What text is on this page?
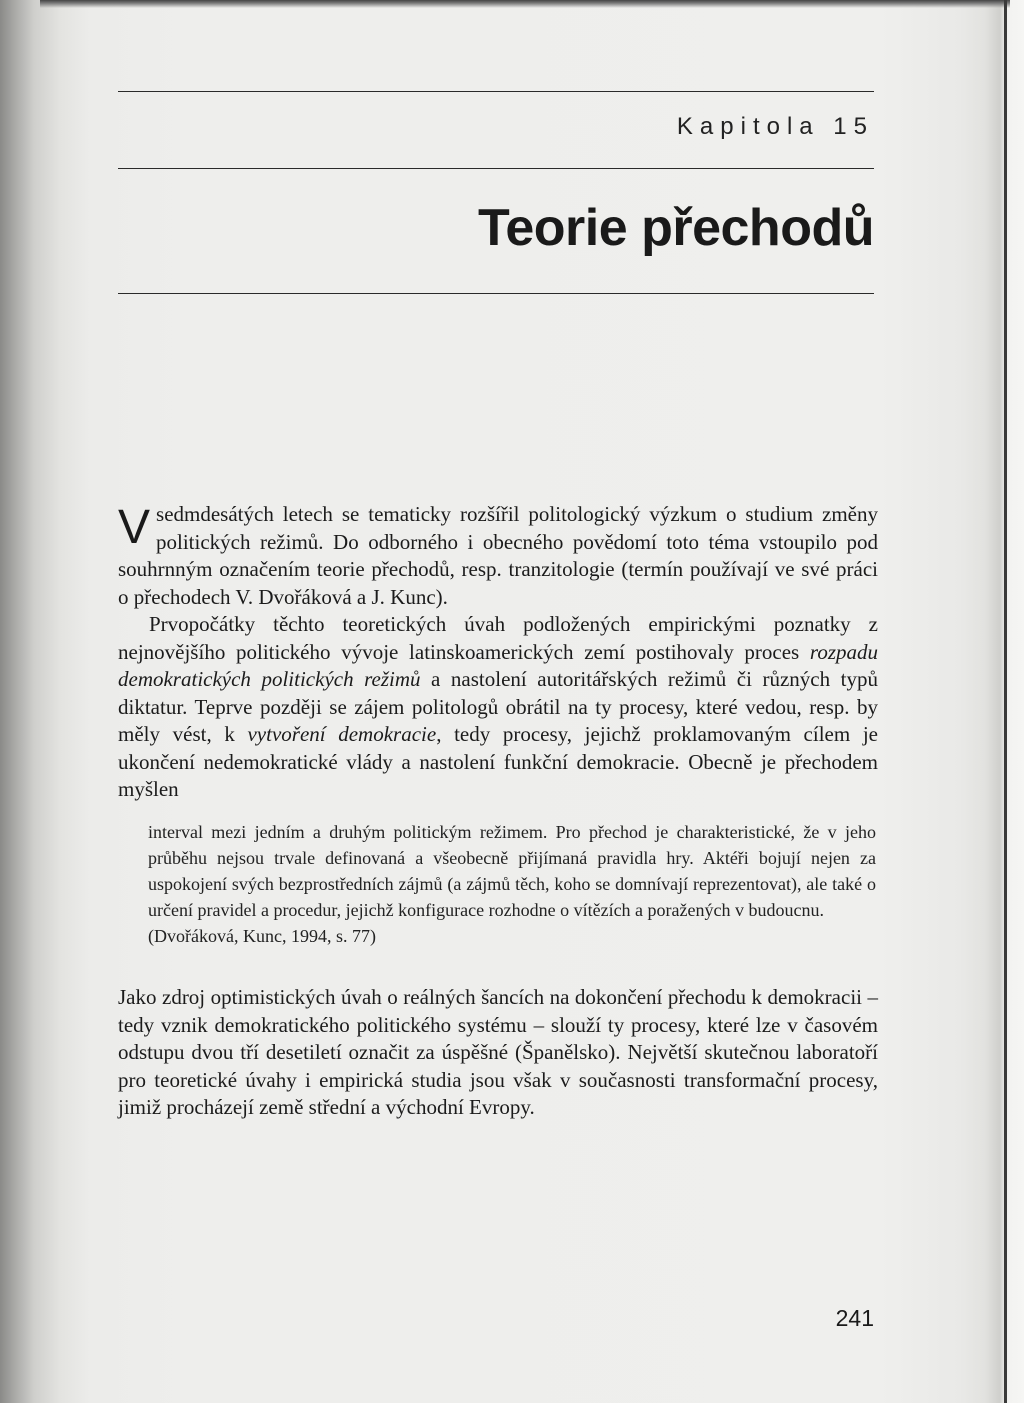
Kapitola 15
Teorie přechodů
Vsedmdesátých letech se tematicky rozšířil politologický výzkum o studium změny politických režimů. Do odborného i obecného povědomí toto téma vstoupilo pod souhrnným označením teorie přechodů, resp. tranzitologie (termín používají ve své práci o přechodech V. Dvořáková a J. Kunc).
Prvopočátky těchto teoretických úvah podložených empirickými poznatky z nejnovějšího politického vývoje latinskoamerických zemí postihovaly proces rozpadu demokratických politických režimů a nastolení autoritářských režimů či různých typů diktatur. Teprve později se zájem politologů obrátil na ty procesy, které vedou, resp. by měly vést, k vytvoření demokracie, tedy procesy, jejichž proklamovaným cílem je ukončení nedemokratické vlády a nastolení funkční demokracie. Obecně je přechodem myšlen
interval mezi jedním a druhým politickým režimem. Pro přechod je charakteristické, že v jeho průběhu nejsou trvale definovaná a všeobecně přijímaná pravidla hry. Aktéři bojují nejen za uspokojení svých bezprostředních zájmů (a zájmů těch, koho se domnívají reprezentovat), ale také o určení pravidel a procedur, jejichž konfigurace rozhodne o vítězích a poražených v budoucnu.
(Dvořáková, Kunc, 1994, s. 77)
Jako zdroj optimistických úvah o reálných šancích na dokončení přechodu k demokracii – tedy vznik demokratického politického systému – slouží ty procesy, které lze v časovém odstupu dvou tří desetiletí označit za úspěšné (Španělsko). Největší skutečnou laboratoří pro teoretické úvahy i empirická studia jsou však v současnosti transformační procesy, jimiž procházejí země střední a východní Evropy.
241
